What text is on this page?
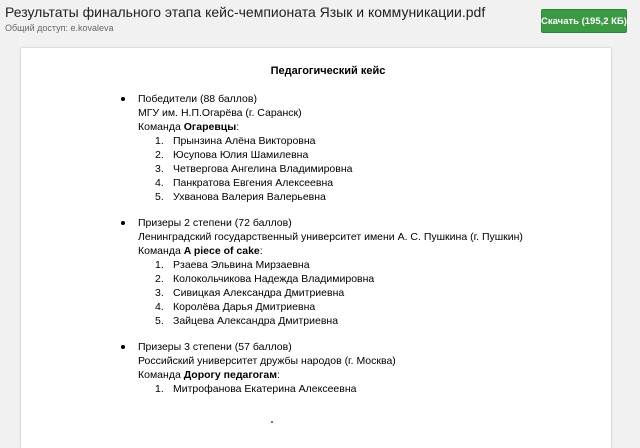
Результаты финального этапа кейс-чемпионата Язык и коммуникации.pdf
Общий доступ: e.kovaleva
Скачать (195,2 КБ)
Педагогический кейс
Победители (88 баллов)
МГУ им. Н.П.Огарёва (г. Саранск)
Команда Огаревцы:
1. Прынзина Алёна Викторовна
2. Юсупова Юлия Шамилевна
3. Четвергова Ангелина Владимировна
4. Панкратова Евгения Алексеевна
5. Ухванова Валерия Валерьевна
Призеры 2 степени (72 баллов)
Ленинградский государственный университет имени А. С. Пушкина (г. Пушкин)
Команда A piece of cake:
1. Рзаева Эльвина Мирзаевна
2. Колокольчикова Надежда Владимировна
3. Сивицкая Александра Дмитриевна
4. Королёва Дарья Дмитриевна
5. Зайцева Александра Дмитриевна
Призеры 3 степени (57 баллов)
Российский университет дружбы народов (г. Москва)
Команда Дорогу педагогам:
1. Митрофанова Екатерина Алексеевна
